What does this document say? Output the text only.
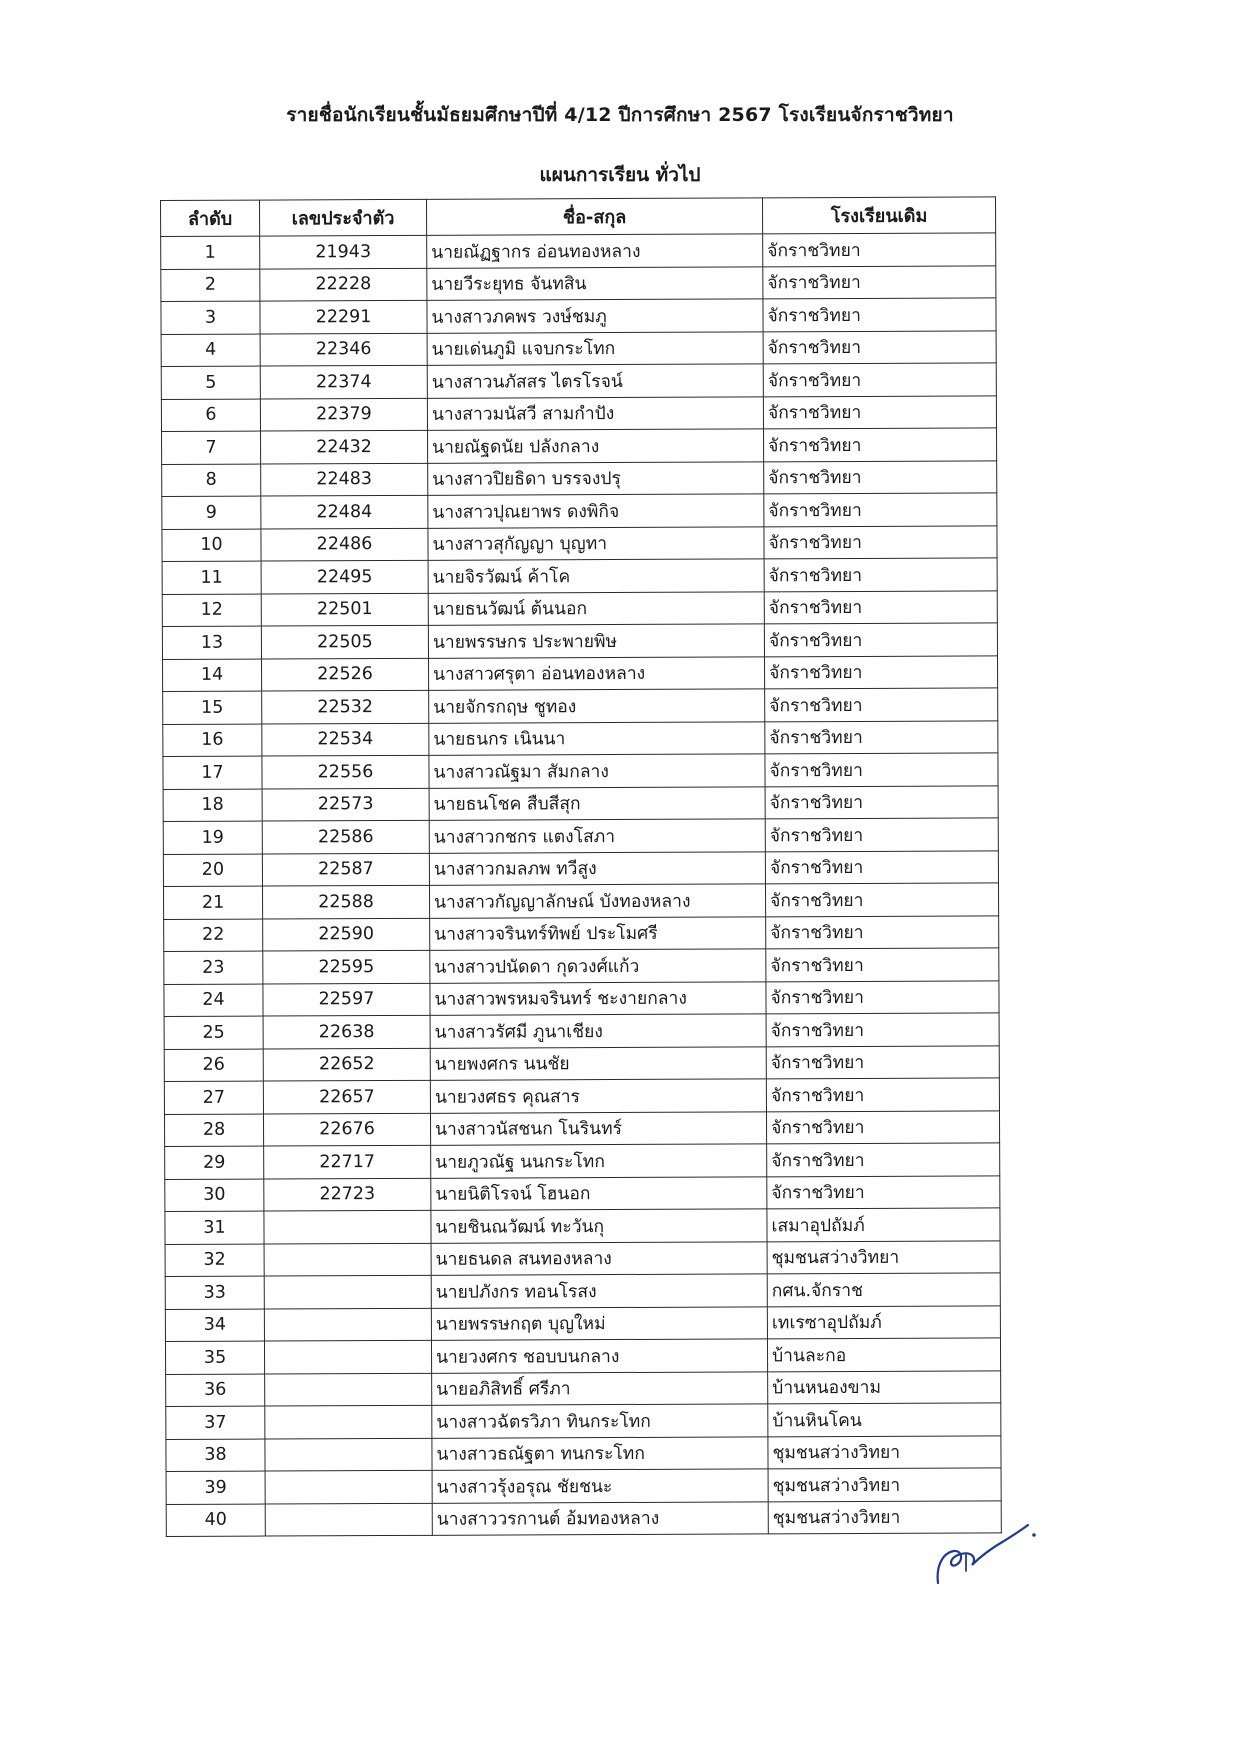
รายชื่อนักเรียนชั้นมัธยมศึกษาปีที่ 4/12 ปีการศึกษา 2567 โรงเรียนจักราชวิทยา
แผนการเรียน ทั่วไป
ลำดับ	เลขประจำตัว	ชื่อ-สกุล	โรงเรียนเดิม
1	21943	นายณัฏฐากร อ่อนทองหลาง	จักราชวิทยา
2	22228	นายวีระยุทธ จันทสิน	จักราชวิทยา
3	22291	นางสาวภคพร วงษ์ชมภู	จักราชวิทยา
4	22346	นายเด่นภูมิ แจบกระโทก	จักราชวิทยา
5	22374	นางสาวนภัสสร ไตรโรจน์	จักราชวิทยา
6	22379	นางสาวมนัสวี สามกำปัง	จักราชวิทยา
7	22432	นายณัฐดนัย ปลังกลาง	จักราชวิทยา
8	22483	นางสาวปิยธิดา บรรจงปรุ	จักราชวิทยา
9	22484	นางสาวปุณยาพร ดงพิกิจ	จักราชวิทยา
10	22486	นางสาวสุกัญญา บุญทา	จักราชวิทยา
11	22495	นายจิรวัฒน์ ค้าโค	จักราชวิทยา
12	22501	นายธนวัฒน์ ต้นนอก	จักราชวิทยา
13	22505	นายพรรษกร ประพายพิษ	จักราชวิทยา
14	22526	นางสาวศรุตา อ่อนทองหลาง	จักราชวิทยา
15	22532	นายจักรกฤษ ชูทอง	จักราชวิทยา
16	22534	นายธนกร เนินนา	จักราชวิทยา
17	22556	นางสาวณัฐมา สัมกลาง	จักราชวิทยา
18	22573	นายธนโชค สืบสีสุก	จักราชวิทยา
19	22586	นางสาวกชกร แตงโสภา	จักราชวิทยา
20	22587	นางสาวกมลภพ ทวีสูง	จักราชวิทยา
21	22588	นางสาวกัญญาลักษณ์ บังทองหลาง	จักราชวิทยา
22	22590	นางสาวจรินทร์ทิพย์ ประโมศรี	จักราชวิทยา
23	22595	นางสาวปนัดดา กุดวงศ์แก้ว	จักราชวิทยา
24	22597	นางสาวพรหมจรินทร์ ชะงายกลาง	จักราชวิทยา
25	22638	นางสาวรัศมี ภูนาเชียง	จักราชวิทยา
26	22652	นายพงศกร นนชัย	จักราชวิทยา
27	22657	นายวงศธร คุณสาร	จักราชวิทยา
28	22676	นางสาวนัสชนก โนรินทร์	จักราชวิทยา
29	22717	นายภูวณัฐ นนกระโทก	จักราชวิทยา
30	22723	นายนิติโรจน์ โฮนอก	จักราชวิทยา
31		นายชินณวัฒน์ ทะวันกุ	เสมาอุปถัมภ์
32		นายธนดล สนทองหลาง	ชุมชนสว่างวิทยา
33		นายปภังกร ทอนโรสง	กศน.จักราช
34		นายพรรษกฤต บุญใหม่	เทเรซาอุปถัมภ์
35		นายวงศกร ชอบบนกลาง	บ้านละกอ
36		นายอภิสิทธิ์ ศรีภา	บ้านหนองขาม
37		นางสาวฉัตรวิภา ทินกระโทก	บ้านหินโคน
38		นางสาวธณัฐตา ทนกระโทก	ชุมชนสว่างวิทยา
39		นางสาวรุ้งอรุณ ชัยชนะ	ชุมชนสว่างวิทยา
40		นางสาววรกานต์ อ้มทองหลาง	ชุมชนสว่างวิทยา
